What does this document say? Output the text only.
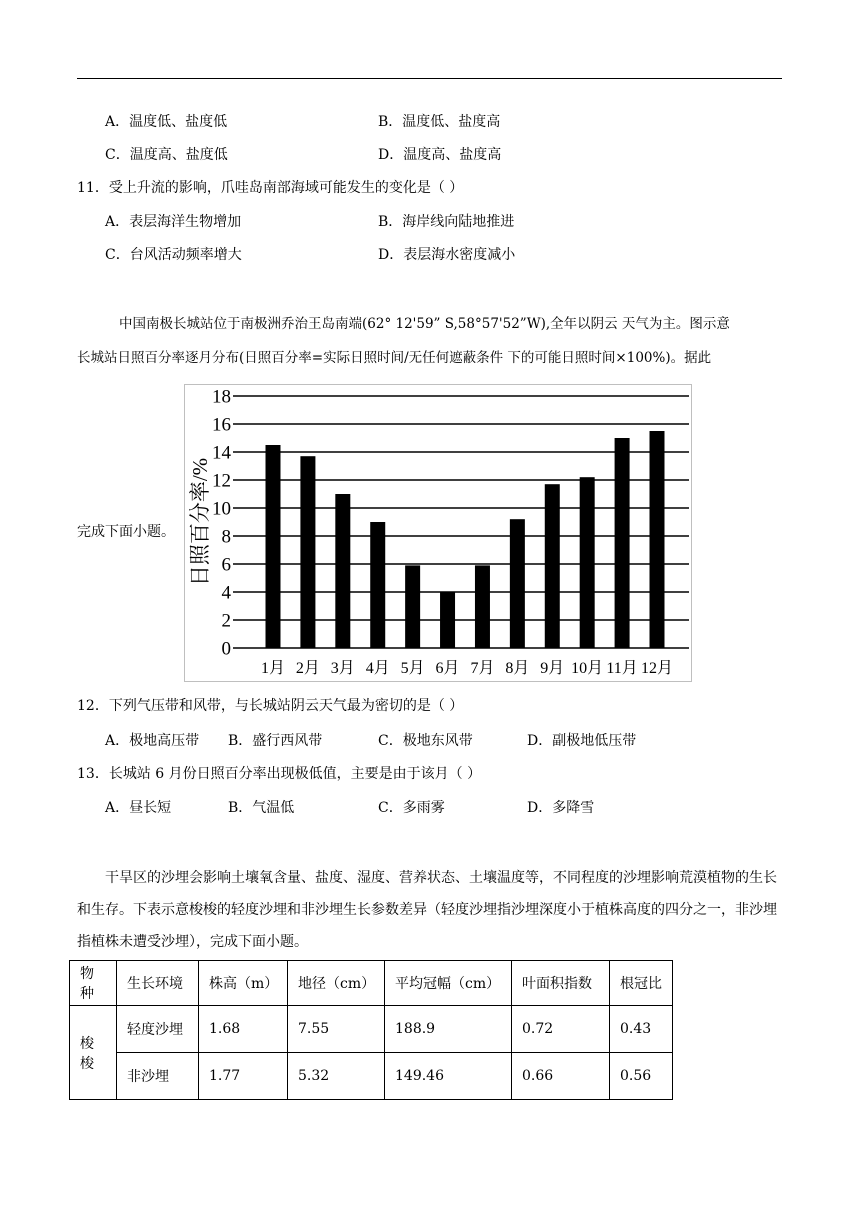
A．温度低、盐度低	B．温度低、盐度高
C．温度高、盐度低	D．温度高、盐度高
11．受上升流的影响，爪哇岛南部海域可能发生的变化是（ ）
A．表层海洋生物增加	B．海岸线向陆地推进
C．台风活动频率增大	D．表层海水密度减小
中国南极长城站位于南极洲乔治王岛南端(62° 12'59” S,58°57'52”W),全年以阴云 天气为主。图示意
长城站日照百分率逐月分布(日照百分率=实际日照时间/无任何遮蔽条件 下的可能日照时间×100%)。据此
完成下面小题。
0
2
4
6
8
10
12
14
16
18
1月 2月 3月 4月 5月 6月 7月 8月 9月 10月 11月 12月
日照百分率/%
12．下列气压带和风带，与长城站阴云天气最为密切的是（ ）
A．极地高压带 B．盛行西风带	C．极地东风带	D．副极地低压带
13．长城站 6 月份日照百分率出现极低值，主要是由于该月（ ）
A．昼长短	B．气温低	C．多雨雾	D．多降雪

干旱区的沙埋会影响土壤氧含量、盐度、湿度、营养状态、土壤温度等，不同程度的沙埋影响荒漠植物的生长和生存。下表示意梭梭的轻度沙埋和非沙埋生长参数差异（轻度沙埋指沙埋深度小于植株高度的四分之一，非沙埋指植株未遭受沙埋），完成下面小题。

物种	生长环境	株高（m）	地径（cm）	平均冠幅（cm）	叶面积指数	根冠比
梭梭	轻度沙埋	1.68	7.55	188.9	0.72	0.43
	非沙埋	1.77	5.32	149.46	0.66	0.56
